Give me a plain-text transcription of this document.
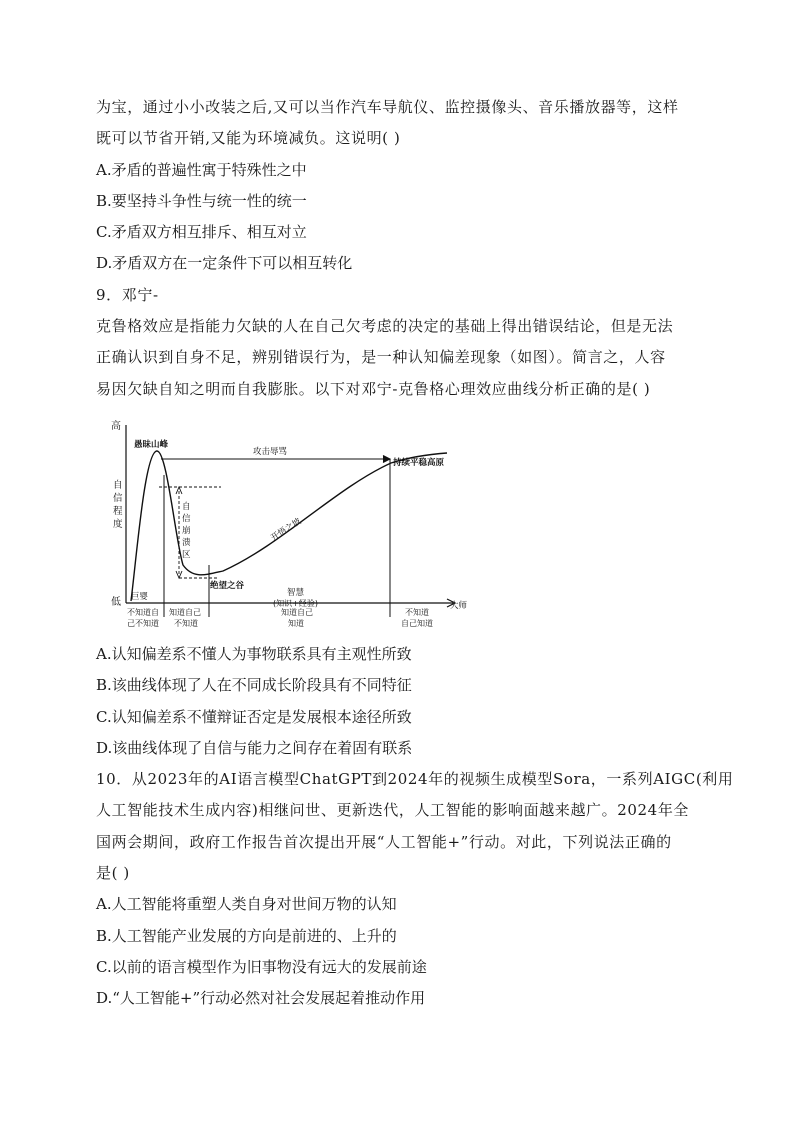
为宝，通过小小改装之后,又可以当作汽车导航仪、监控摄像头、音乐播放器等，这样
既可以节省开销,又能为环境减负。这说明( )
A.矛盾的普遍性寓于特殊性之中
B.要坚持斗争性与统一性的统一
C.矛盾双方相互排斥、相互对立
D.矛盾双方在一定条件下可以相互转化
9．邓宁-
克鲁格效应是指能力欠缺的人在自己欠考虑的决定的基础上得出错误结论，但是无法
正确认识到自身不足，辨别错误行为，是一种认知偏差现象（如图）。简言之，人容
易因欠缺自知之明而自我膨胀。以下对邓宁-克鲁格心理效应曲线分析正确的是( )
高
低
自
信
程
度
愚昧山峰
攻击辱骂
持续平稳高原
自
信
崩
溃
区
开悟之坡
绝望之谷
智慧
(知识+经验)
巨婴
大师
不知道自
己不知道
知道自己
不知道
知道自己
知道
不知道
自己知道
A.认知偏差系不懂人为事物联系具有主观性所致
B.该曲线体现了人在不同成长阶段具有不同特征
C.认知偏差系不懂辩证否定是发展根本途径所致
D.该曲线体现了自信与能力之间存在着固有联系
10．从2023年的AI语言模型ChatGPT到2024年的视频生成模型Sora，一系列AIGC(利用
人工智能技术生成内容)相继问世、更新迭代，人工智能的影响面越来越广。2024年全
国两会期间，政府工作报告首次提出开展“人工智能+”行动。对此，下列说法正确的
是( )
A.人工智能将重塑人类自身对世间万物的认知
B.人工智能产业发展的方向是前进的、上升的
C.以前的语言模型作为旧事物没有远大的发展前途
D.“人工智能+”行动必然对社会发展起着推动作用
